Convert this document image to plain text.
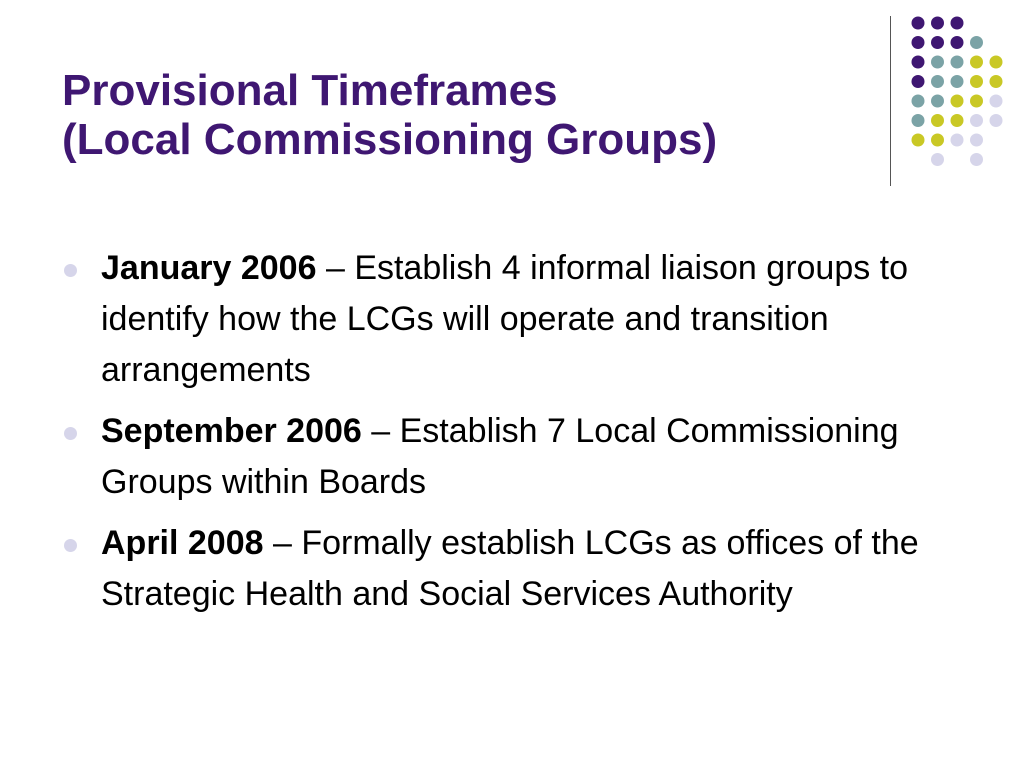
Provisional Timeframes
(Local Commissioning Groups)
January 2006 – Establish 4 informal liaison groups to identify how the LCGs will operate and transition arrangements
September 2006 – Establish 7 Local Commissioning Groups within Boards
April 2008 – Formally establish LCGs as offices of the Strategic Health and Social Services Authority
